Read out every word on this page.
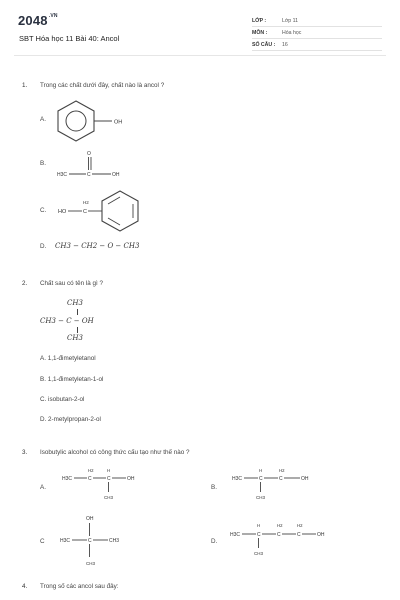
$2048^{.VN}$
SBT Hóa học 11 Bài 40: Ancol
LỚP :	Lớp 11
MÔN :	Hóa học
SỐ CÂU :	16
1. Trong các chất dưới đây, chất nào là ancol ?
A.	OH
B.
H3C	C
O
OH
C. HO	C
H2
D. CH3 − CH2 − O − CH3
2. Chất sau có tên là gì ?
CH3
CH3 − C − OH
CH3
A. 1,1-đimetyletanol
B. 1,1-đimetyletan-1-ol
C. isobutan-2-ol
D. 2-metylpropan-2-ol
3. Isobutylic alcohol có công thức cấu tạo như thế nào ?
A.
H3C	C
H2
C
H
OH
CH3
B.
H3C	C
H
C
H2
OH
CH3
C
OH
H3C	C	CH3
CH3
D.
H3C	C
H
C
H2
C
H2
OH
CH3
4. Trong số các ancol sau đây:
